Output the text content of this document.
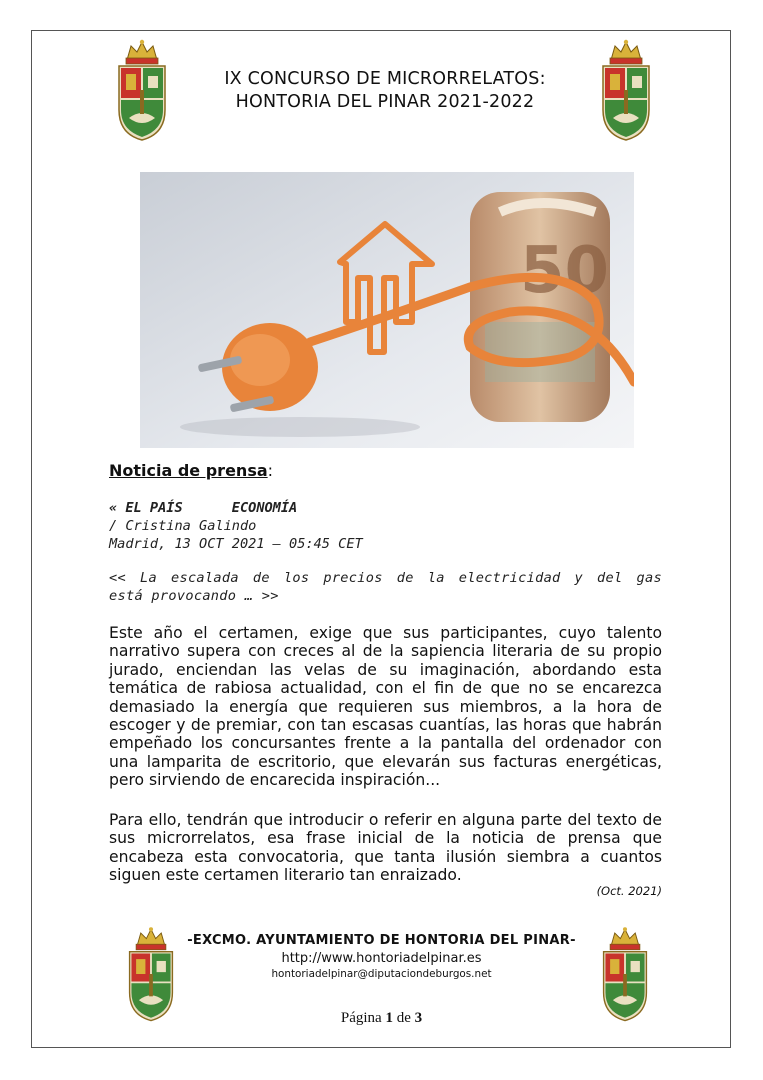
IX CONCURSO DE MICRORRELATOS:
HONTORIA DEL PINAR 2021-2022
50
Noticia de prensa:
« EL PAÍS      ECONOMÍA
/ Cristina Galindo
Madrid, 13 OCT 2021 – 05:45 CET
<< La escalada de los precios de la electricidad y del gas
está provocando … >>
Este año el certamen, exige que sus participantes, cuyo talento narrativo supera con creces al de la sapiencia literaria de su propio jurado, enciendan las velas de su imaginación, abordando esta temática de rabiosa actualidad, con el fin de que no se encarezca demasiado la energía que requieren sus miembros, a la hora de escoger y de premiar, con tan escasas cuantías, las horas que habrán empeñado los concursantes frente a la pantalla del ordenador con una lamparita de escritorio, que elevarán sus facturas energéticas, pero sirviendo de encarecida inspiración...
Para ello, tendrán que introducir o referir en alguna parte del texto de sus microrrelatos, esa frase inicial de la noticia de prensa que encabeza esta convocatoria, que tanta ilusión siembra a cuantos siguen este certamen literario tan enraizado.
(Oct. 2021)
-EXCMO. AYUNTAMIENTO DE HONTORIA DEL PINAR-
http://www.hontoriadelpinar.es
hontoriadelpinar@diputaciondeburgos.net
Página 1 de 3
